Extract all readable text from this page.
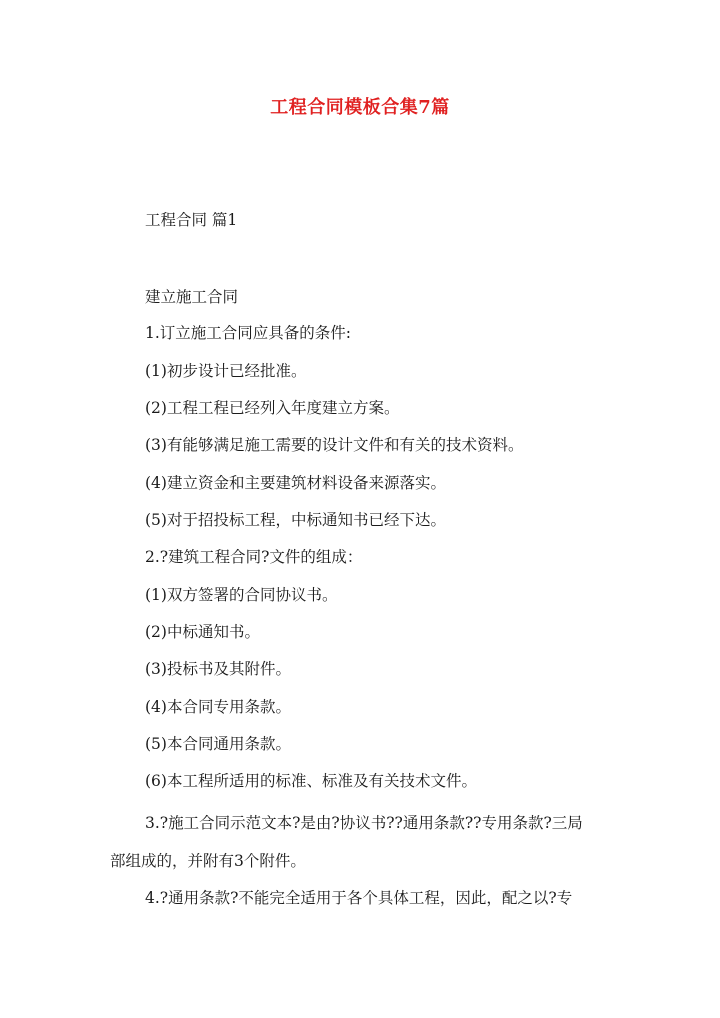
工程合同模板合集7篇
工程合同 篇1
建立施工合同
1.订立施工合同应具备的条件:
(1)初步设计已经批准。
(2)工程工程已经列入年度建立方案。
(3)有能够满足施工需要的设计文件和有关的技术资料。
(4)建立资金和主要建筑材料设备来源落实。
(5)对于招投标工程，中标通知书已经下达。
2.?建筑工程合同?文件的组成：
(1)双方签署的合同协议书。
(2)中标通知书。
(3)投标书及其附件。
(4)本合同专用条款。
(5)本合同通用条款。
(6)本工程所适用的标准、标准及有关技术文件。
3.?施工合同示范文本?是由?协议书??通用条款??专用条款?三局
部组成的，并附有3个附件。
4.?通用条款?不能完全适用于各个具体工程，因此，配之以?专
